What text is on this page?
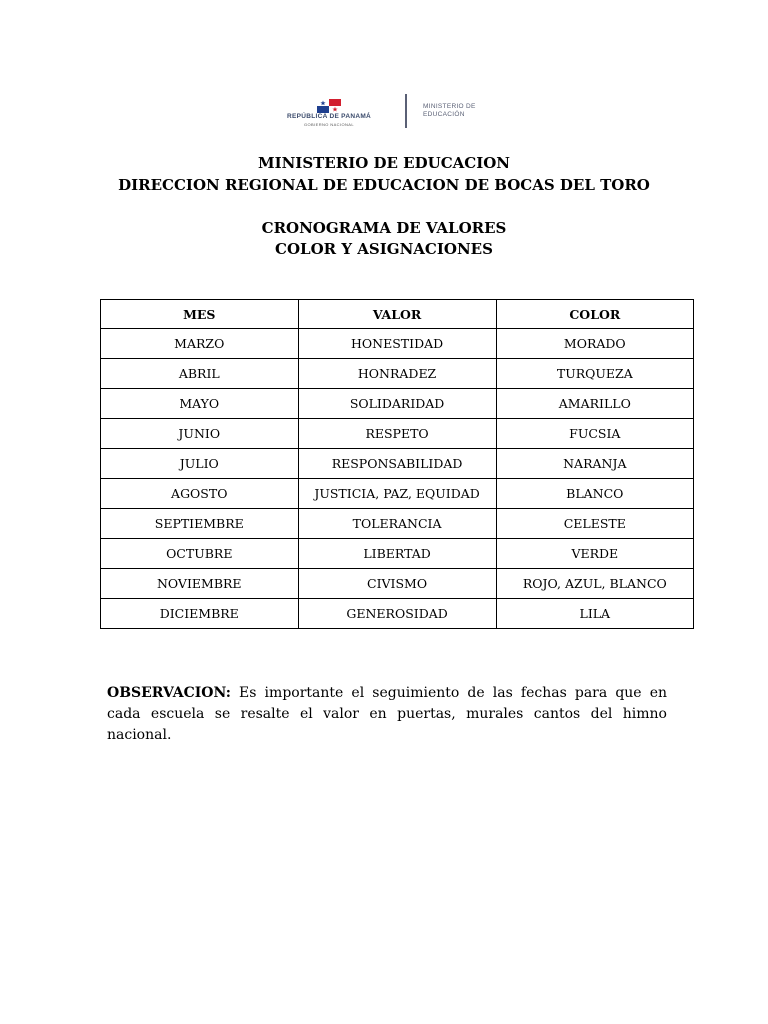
REPÚBLICA DE PANAMÁ
GOBIERNO NACIONAL
MINISTERIO DE
EDUCACIÓN
MINISTERIO DE EDUCACION
DIRECCION REGIONAL DE EDUCACION DE BOCAS DEL TORO
CRONOGRAMA DE VALORES
COLOR Y ASIGNACIONES
MES	VALOR	COLOR
MARZO	HONESTIDAD	MORADO
ABRIL	HONRADEZ	TURQUEZA
MAYO	SOLIDARIDAD	AMARILLO
JUNIO	RESPETO	FUCSIA
JULIO	RESPONSABILIDAD	NARANJA
AGOSTO	JUSTICIA, PAZ, EQUIDAD	BLANCO
SEPTIEMBRE	TOLERANCIA	CELESTE
OCTUBRE	LIBERTAD	VERDE
NOVIEMBRE	CIVISMO	ROJO, AZUL, BLANCO
DICIEMBRE	GENEROSIDAD	LILA
OBSERVACION: Es importante el seguimiento de las fechas para que en cada escuela se resalte el valor en puertas, murales cantos del himno nacional.
